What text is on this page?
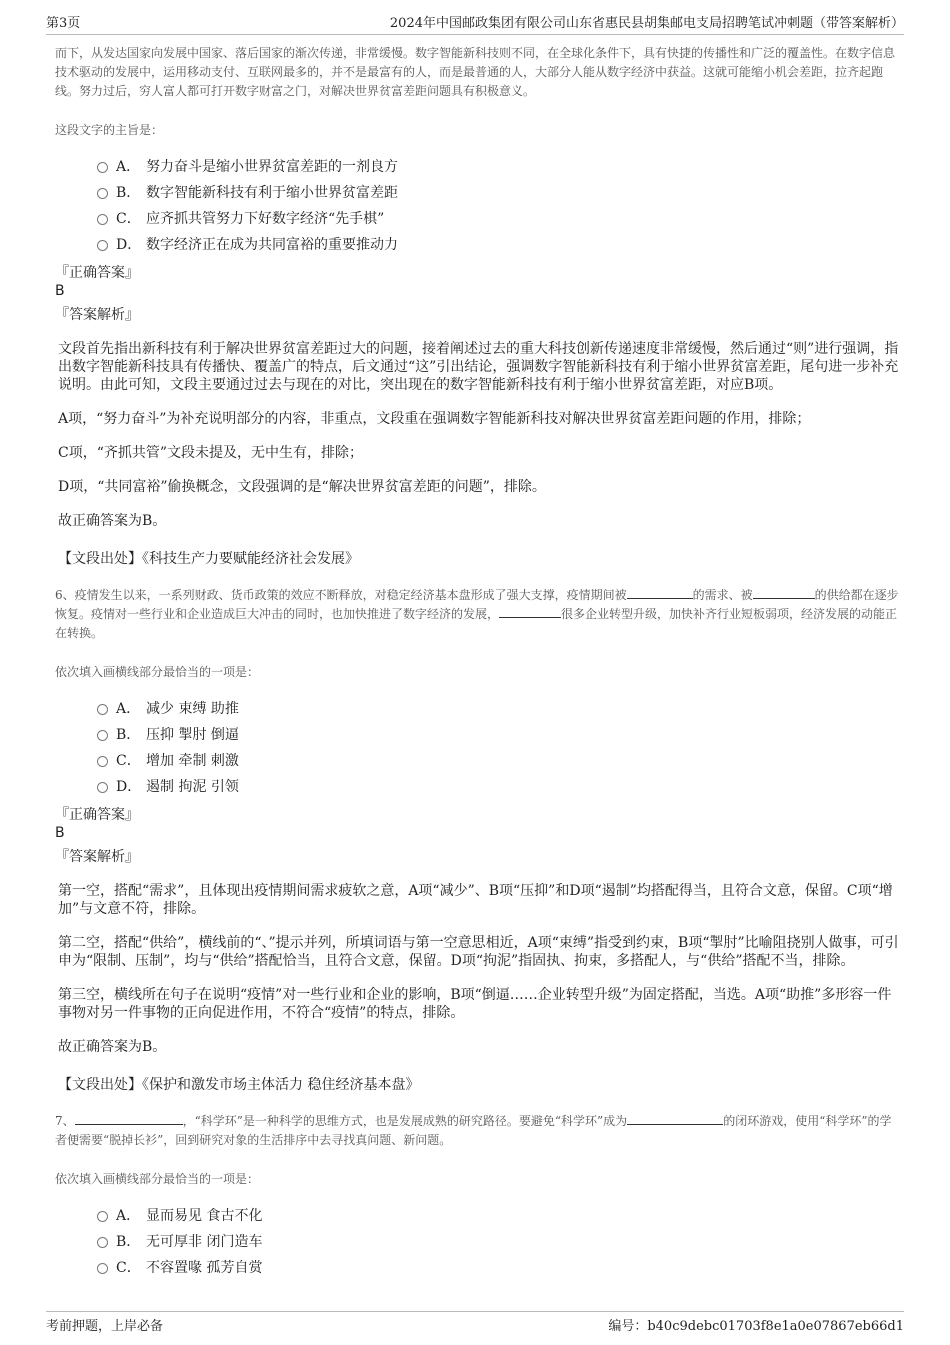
第3页	2024年中国邮政集团有限公司山东省惠民县胡集邮电支局招聘笔试冲刺题（带答案解析）

而下，从发达国家向发展中国家、落后国家的渐次传递，非常缓慢。数字智能新科技则不同，在全球化条件下，具有快捷的传播性和广泛的覆盖性。在数字信息技术驱动的发展中，运用移动支付、互联网最多的，并不是最富有的人，而是最普通的人，大部分人能从数字经济中获益。这就可能缩小机会差距，拉齐起跑线。努力过后，穷人富人都可打开数字财富之门，对解决世界贫富差距问题具有积极意义。

这段文字的主旨是：
A． 努力奋斗是缩小世界贫富差距的一剂良方
B． 数字智能新科技有利于缩小世界贫富差距
C． 应齐抓共管努力下好数字经济“先手棋”
D． 数字经济正在成为共同富裕的重要推动力
『正确答案』
B
『答案解析』

文段首先指出新科技有利于解决世界贫富差距过大的问题，接着阐述过去的重大科技创新传递速度非常缓慢，然后通过“则”进行强调，指出数字智能新科技具有传播快、覆盖广的特点，后文通过“这”引出结论，强调数字智能新科技有利于缩小世界贫富差距，尾句进一步补充说明。由此可知，文段主要通过过去与现在的对比，突出现在的数字智能新科技有利于缩小世界贫富差距，对应B项。

A项，“努力奋斗”为补充说明部分的内容，非重点，文段重在强调数字智能新科技对解决世界贫富差距问题的作用，排除；

C项，“齐抓共管”文段未提及，无中生有，排除；

D项，“共同富裕”偷换概念，文段强调的是“解决世界贫富差距的问题”，排除。

故正确答案为B。

【文段出处】《科技生产力要赋能经济社会发展》
6、疫情发生以来，一系列财政、货币政策的效应不断释放，对稳定经济基本盘形成了强大支撑，疫情期间被	的需求、被	的供给都在逐步恢复。疫情对一些行业和企业造成巨大冲击的同时，也加快推进了数字经济的发展，	很多企业转型升级，加快补齐行业短板弱项，经济发展的动能正在转换。
依次填入画横线部分最恰当的一项是：
A． 减少 束缚 助推
B． 压抑 掣肘 倒逼
C． 增加 牵制 刺激
D． 遏制 拘泥 引领
『正确答案』
B
『答案解析』

第一空，搭配“需求”，且体现出疫情期间需求疲软之意，A项“减少”、B项“压抑”和D项“遏制”均搭配得当，且符合文意，保留。C项“增加”与文意不符，排除。

第二空，搭配“供给”，横线前的“、”提示并列，所填词语与第一空意思相近，A项“束缚”指受到约束，B项“掣肘”比喻阻挠别人做事，可引申为“限制、压制”，均与“供给”搭配恰当，且符合文意，保留。D项“拘泥”指固执、拘束，多搭配人，与“供给”搭配不当，排除。

第三空，横线所在句子在说明“疫情”对一些行业和企业的影响，B项“倒逼……企业转型升级”为固定搭配，当选。A项“助推”多形容一件事物对另一件事物的正向促进作用，不符合“疫情”的特点，排除。

故正确答案为B。

【文段出处】《保护和激发市场主体活力 稳住经济基本盘》
7、	，“科学环”是一种科学的思维方式，也是发展成熟的研究路径。要避免“科学环”成为	的闭环游戏，使用“科学环”的学者便需要“脱掉长衫”，回到研究对象的生活排序中去寻找真问题、新问题。
依次填入画横线部分最恰当的一项是：
A． 显而易见 食古不化
B． 无可厚非 闭门造车
C． 不容置喙 孤芳自赏
考前押题，上岸必备	编号：b40c9debc01703f8e1a0e07867eb66d1
